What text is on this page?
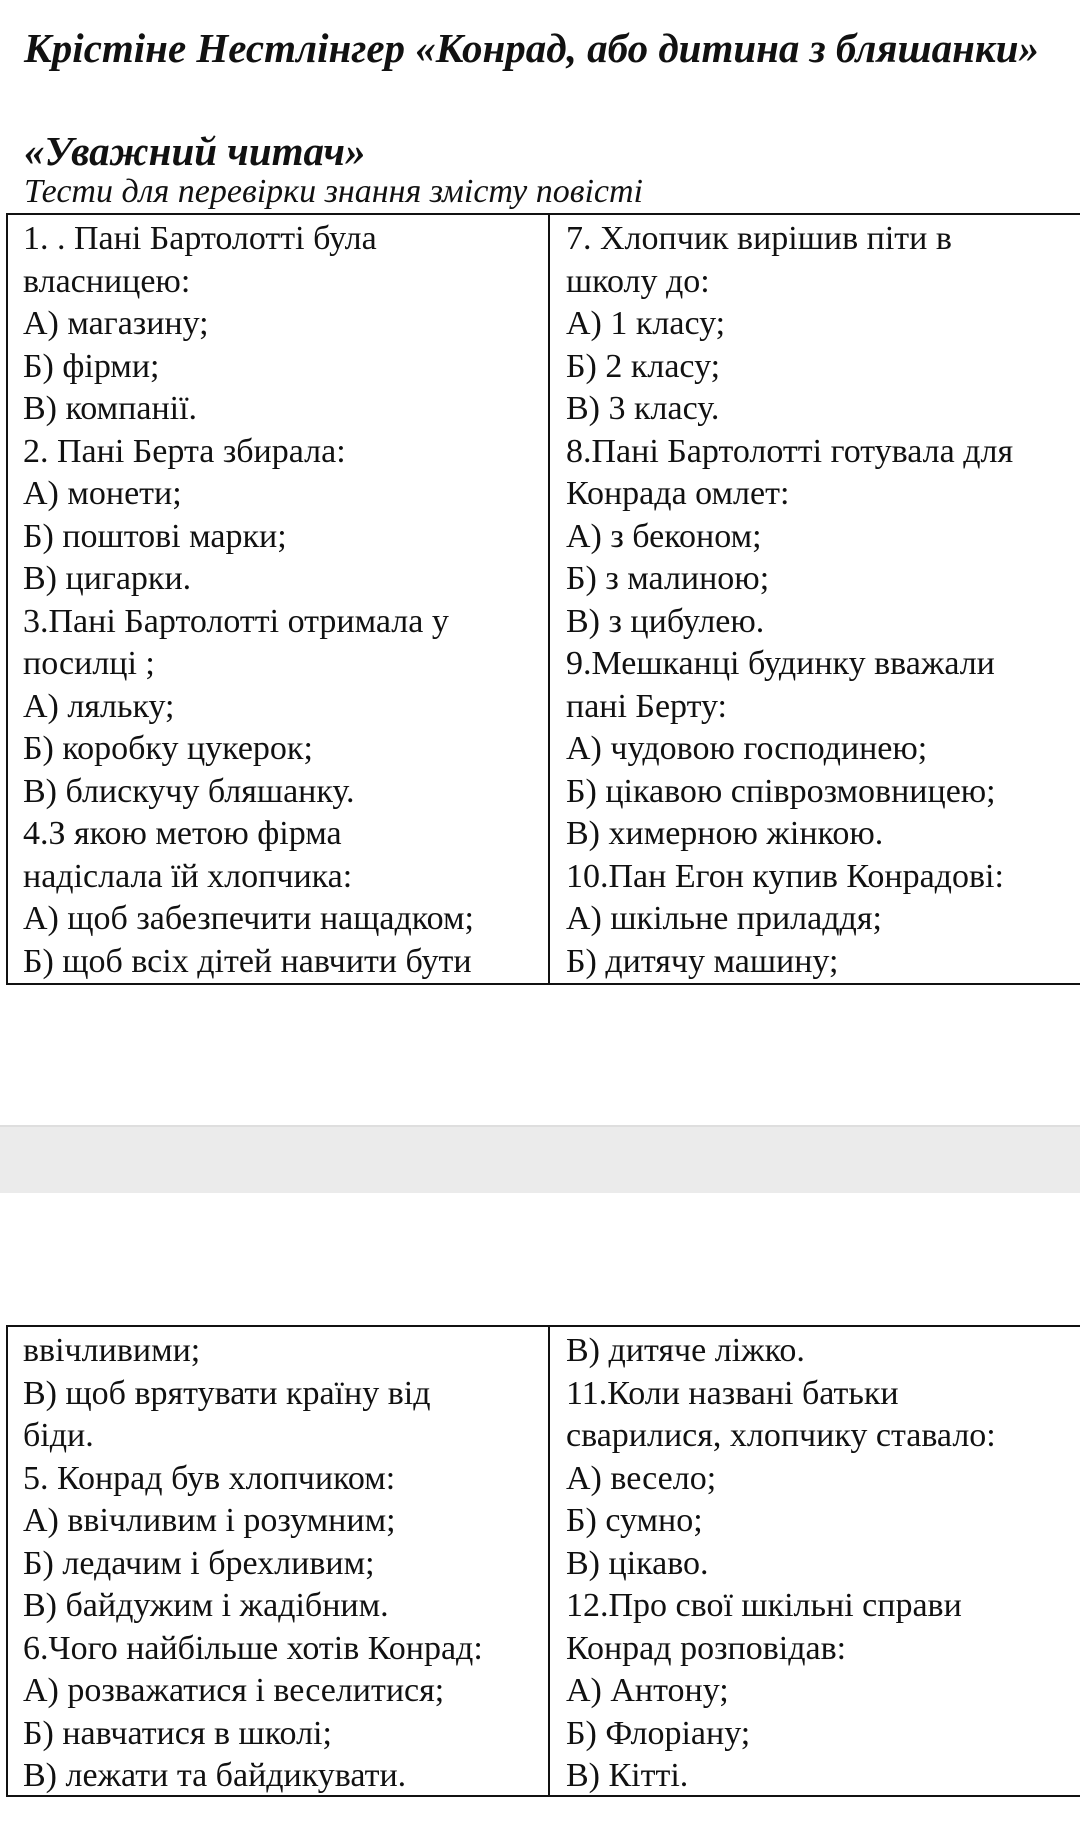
Крістіне Нестлінгер «Конрад, або дитина з бляшанки»
«Уважний читач»
Тести для перевірки знання змісту повісті
1. . Пані Бартолотті була
власницею:
А) магазину;
Б) фірми;
В) компанії.
2. Пані Берта збирала:
А) монети;
Б) поштові марки;
В) цигарки.
3.Пані Бартолотті отримала у
посилці ;
А) ляльку;
Б) коробку цукерок;
В) блискучу бляшанку.
4.З якою метою фірма
надіслала їй хлопчика:
А) щоб забезпечити нащадком;
Б) щоб всіх дітей навчити бути
7. Хлопчик вирішив піти в
школу до:
А) 1 класу;
Б) 2 класу;
В) 3 класу.
8.Пані Бартолотті готувала для
Конрада омлет:
А) з беконом;
Б) з малиною;
В) з цибулею.
9.Мешканці будинку вважали
пані Берту:
А) чудовою господинею;
Б) цікавою співрозмовницею;
В) химерною жінкою.
10.Пан Егон купив Конрадові:
А) шкільне приладдя;
Б) дитячу машину;
ввічливими;
В) щоб врятувати країну від
біди.
5. Конрад був хлопчиком:
А) ввічливим і розумним;
Б) ледачим і брехливим;
В) байдужим і жадібним.
6.Чого найбільше хотів Конрад:
А) розважатися і веселитися;
Б) навчатися в школі;
В) лежати та байдикувати.
В) дитяче ліжко.
11.Коли названі батьки
сварилися, хлопчику ставало:
А) весело;
Б) сумно;
В) цікаво.
12.Про свої шкільні справи
Конрад розповідав:
А) Антону;
Б) Флоріану;
В) Кітті.
